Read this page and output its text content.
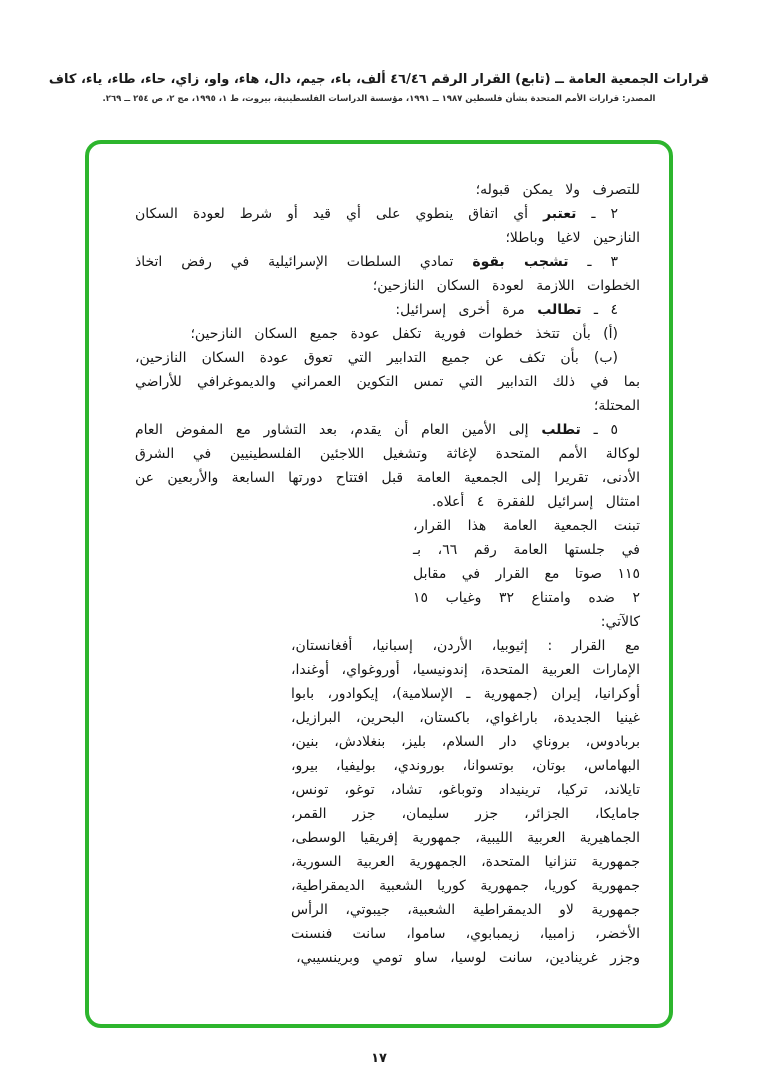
قرارات الجمعية العامة ــ (تابع) القرار الرقم ٤٦/٤٦ ألف، باء، جيم، دال، هاء، واو، زاي، حاء، طاء، ياء، كاف
المصدر: قرارات الأمم المتحدة بشأن فلسطين ١٩٨٧ ــ ١٩٩١، مؤسسة الدراسات الفلسطينية، بيروت، ط ١، ١٩٩٥، مج ٢، ص ٢٥٤ ــ ٢٦٩.

للتصرف ولا يمكن قبوله؛

٢ ـ تعتبر أي اتفاق ينطوي على أي قيد أو شرط لعودة السكان النازحين لاغيا وباطلا؛

٣ ـ تشجب بقوة تمادي السلطات الإسرائيلية في رفض اتخاذ الخطوات اللازمة لعودة السكان النازحين؛

٤ ـ تطالب مرة أخرى إسرائيل:

(أ) بأن تتخذ خطوات فورية تكفل عودة جميع السكان النازحين؛

(ب) بأن تكف عن جميع التدابير التي تعوق عودة السكان النازحين، بما في ذلك التدابير التي تمس التكوين العمراني والديموغرافي للأراضي المحتلة؛

٥ ـ تطلب إلى الأمين العام أن يقدم، بعد التشاور مع المفوض العام لوكالة الأمم المتحدة لإغاثة وتشغيل اللاجئين الفلسطينيين في الشرق الأدنى، تقريرا إلى الجمعية العامة قبل افتتاح دورتها السابعة والأربعين عن امتثال إسرائيل للفقرة ٤ أعلاه.

تبنت الجمعية العامة هذا القرار، في جلستها العامة رقم ٦٦، بـ ١١٥ صوتا مع القرار في مقابل ٢ ضده وامتناع ٣٢ وغياب ١٥ كالآتي:

مع القرار : إثيوبيا، الأردن، إسبانيا، أفغانستان، الإمارات العربية المتحدة، إندونيسيا، أوروغواي، أوغندا، أوكرانيا، إيران (جمهورية ـ الإسلامية)، إيكوادور، بابوا غينيا الجديدة، باراغواي، باكستان، البحرين، البرازيل، بربادوس، بروناي دار السلام، بليز، بنغلادش، بنين، البهاماس، بوتان، بوتسوانا، بوروندي، بوليفيا، بيرو، تايلاند، تركيا، ترينيداد وتوباغو، تشاد، توغو، تونس، جامايكا، الجزائر، جزر سليمان، جزر القمر، الجماهيرية العربية الليبية، جمهورية إفريقيا الوسطى، جمهورية تنزانيا المتحدة، الجمهورية العربية السورية، جمهورية كوريا، جمهورية كوريا الشعبية الديمقراطية، جمهورية لاو الديمقراطية الشعبية، جيبوتي، الرأس الأخضر، زامبيا، زيمبابوي، ساموا، سانت فنسنت وجزر غرينادين، سانت لوسيا، ساو تومي وبرينسيبي،

١٧
